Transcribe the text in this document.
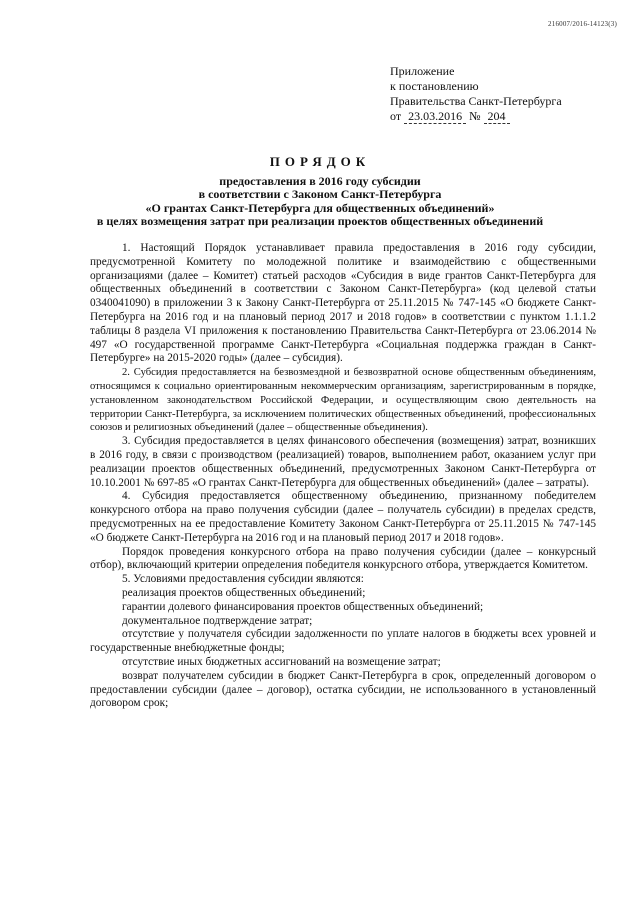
216007/2016-14123(3)
Приложение
к постановлению
Правительства Санкт-Петербурга
от 23.03.2016 № 204
ПОРЯДОК
предоставления в 2016 году субсидии
в соответствии с Законом Санкт-Петербурга
«О грантах Санкт-Петербурга для общественных объединений»
в целях возмещения затрат при реализации проектов общественных объединений

1. Настоящий Порядок устанавливает правила предоставления в 2016 году субсидии, предусмотренной Комитету по молодежной политике и взаимодействию с общественными организациями (далее – Комитет) статьей расходов «Субсидия в виде грантов Санкт-Петербурга для общественных объединений в соответствии с Законом Санкт-Петербурга» (код целевой статьи 0340041090) в приложении 3 к Закону Санкт-Петербурга от 25.11.2015 № 747-145 «О бюджете Санкт-Петербурга на 2016 год и на плановый период 2017 и 2018 годов» в соответствии с пунктом 1.1.1.2 таблицы 8 раздела VI приложения к постановлению Правительства Санкт-Петербурга от 23.06.2014 № 497 «О государственной программе Санкт-Петербурга «Социальная поддержка граждан в Санкт-Петербурге» на 2015-2020 годы» (далее – субсидия).

2. Субсидия предоставляется на безвозмездной и безвозвратной основе общественным объединениям, относящимся к социально ориентированным некоммерческим организациям, зарегистрированным в порядке, установленном законодательством Российской Федерации, и осуществляющим свою деятельность на территории Санкт-Петербурга, за исключением политических общественных объединений, профессиональных союзов и религиозных объединений (далее – общественные объединения).

3. Субсидия предоставляется в целях финансового обеспечения (возмещения) затрат, возникших в 2016 году, в связи с производством (реализацией) товаров, выполнением работ, оказанием услуг при реализации проектов общественных объединений, предусмотренных Законом Санкт-Петербурга от 10.10.2001 № 697-85 «О грантах Санкт-Петербурга для общественных объединений» (далее – затраты).

4. Субсидия предоставляется общественному объединению, признанному победителем конкурсного отбора на право получения субсидии (далее – получатель субсидии) в пределах средств, предусмотренных на ее предоставление Комитету Законом Санкт-Петербурга от 25.11.2015 № 747-145 «О бюджете Санкт-Петербурга на 2016 год и на плановый период 2017 и 2018 годов».

Порядок проведения конкурсного отбора на право получения субсидии (далее – конкурсный отбор), включающий критерии определения победителя конкурсного отбора, утверждается Комитетом.

5. Условиями предоставления субсидии являются:

реализация проектов общественных объединений;

гарантии долевого финансирования проектов общественных объединений;

документальное подтверждение затрат;

отсутствие у получателя субсидии задолженности по уплате налогов в бюджеты всех уровней и государственные внебюджетные фонды;

отсутствие иных бюджетных ассигнований на возмещение затрат;

возврат получателем субсидии в бюджет Санкт-Петербурга в срок, определенный договором о предоставлении субсидии (далее – договор), остатка субсидии, не использованного в установленный договором срок;
